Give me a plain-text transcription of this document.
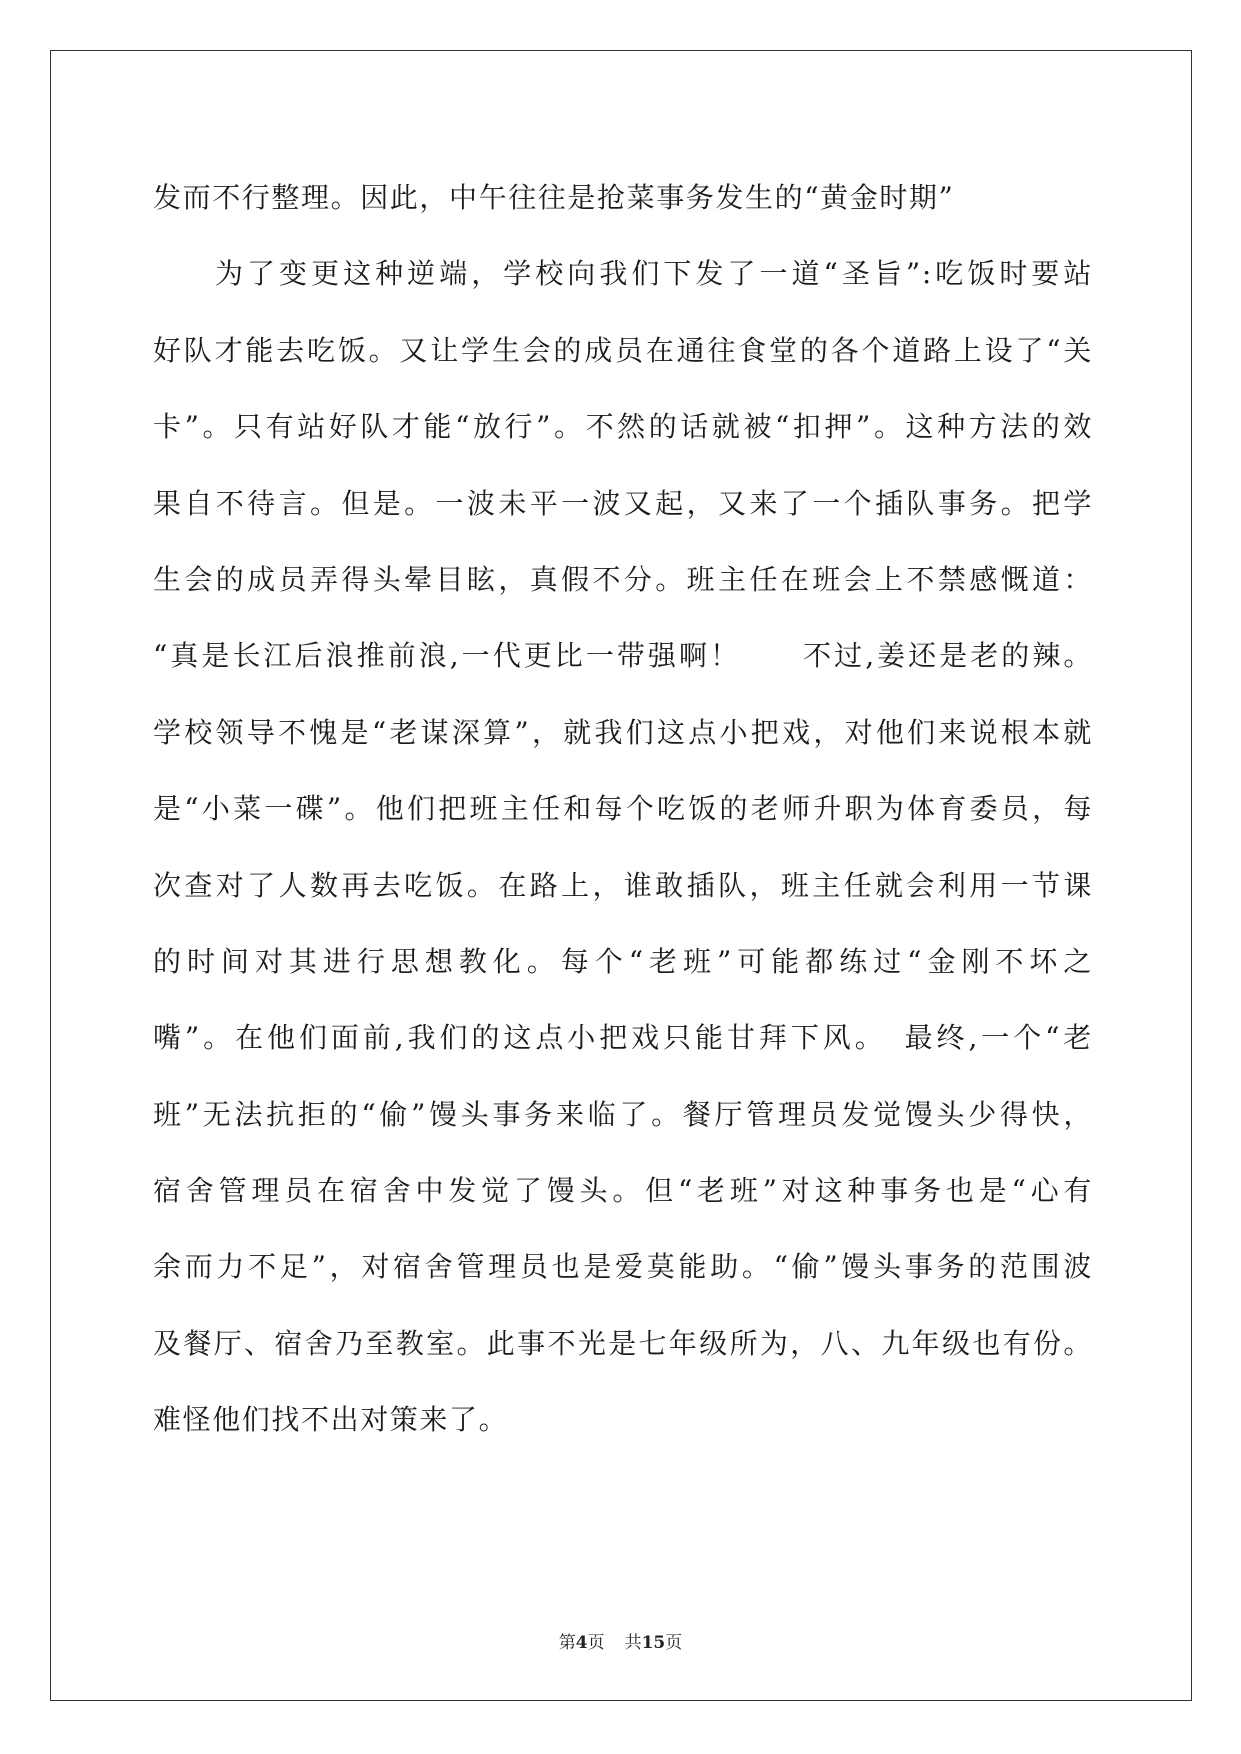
发而不行整理。因此，中午往往是抢菜事务发生的“黄金时期”
为了变更这种逆端，学校向我们下发了一道“圣旨”:吃饭时要站
好队才能去吃饭。又让学生会的成员在通往食堂的各个道路上设了“关
卡”。只有站好队才能“放行”。不然的话就被“扣押”。这种方法的效
果自不待言。但是。一波未平一波又起，又来了一个插队事务。把学
生会的成员弄得头晕目眩，真假不分。班主任在班会上不禁感慨道：
“真是长江后浪推前浪,一代更比一带强啊！　　不过,姜还是老的辣。
学校领导不愧是“老谋深算”，就我们这点小把戏，对他们来说根本就
是“小菜一碟”。他们把班主任和每个吃饭的老师升职为体育委员，每
次查对了人数再去吃饭。在路上，谁敢插队，班主任就会利用一节课
的时间对其进行思想教化。每个“老班”可能都练过“金刚不坏之
嘴”。在他们面前,我们的这点小把戏只能甘拜下风。　最终,一个“老
班”无法抗拒的“偷”馒头事务来临了。餐厅管理员发觉馒头少得快，
宿舍管理员在宿舍中发觉了馒头。但“老班”对这种事务也是“心有
余而力不足”，对宿舍管理员也是爱莫能助。“偷”馒头事务的范围波
及餐厅、宿舍乃至教室。此事不光是七年级所为，八、九年级也有份。
难怪他们找不出对策来了。
第4页 共15页
